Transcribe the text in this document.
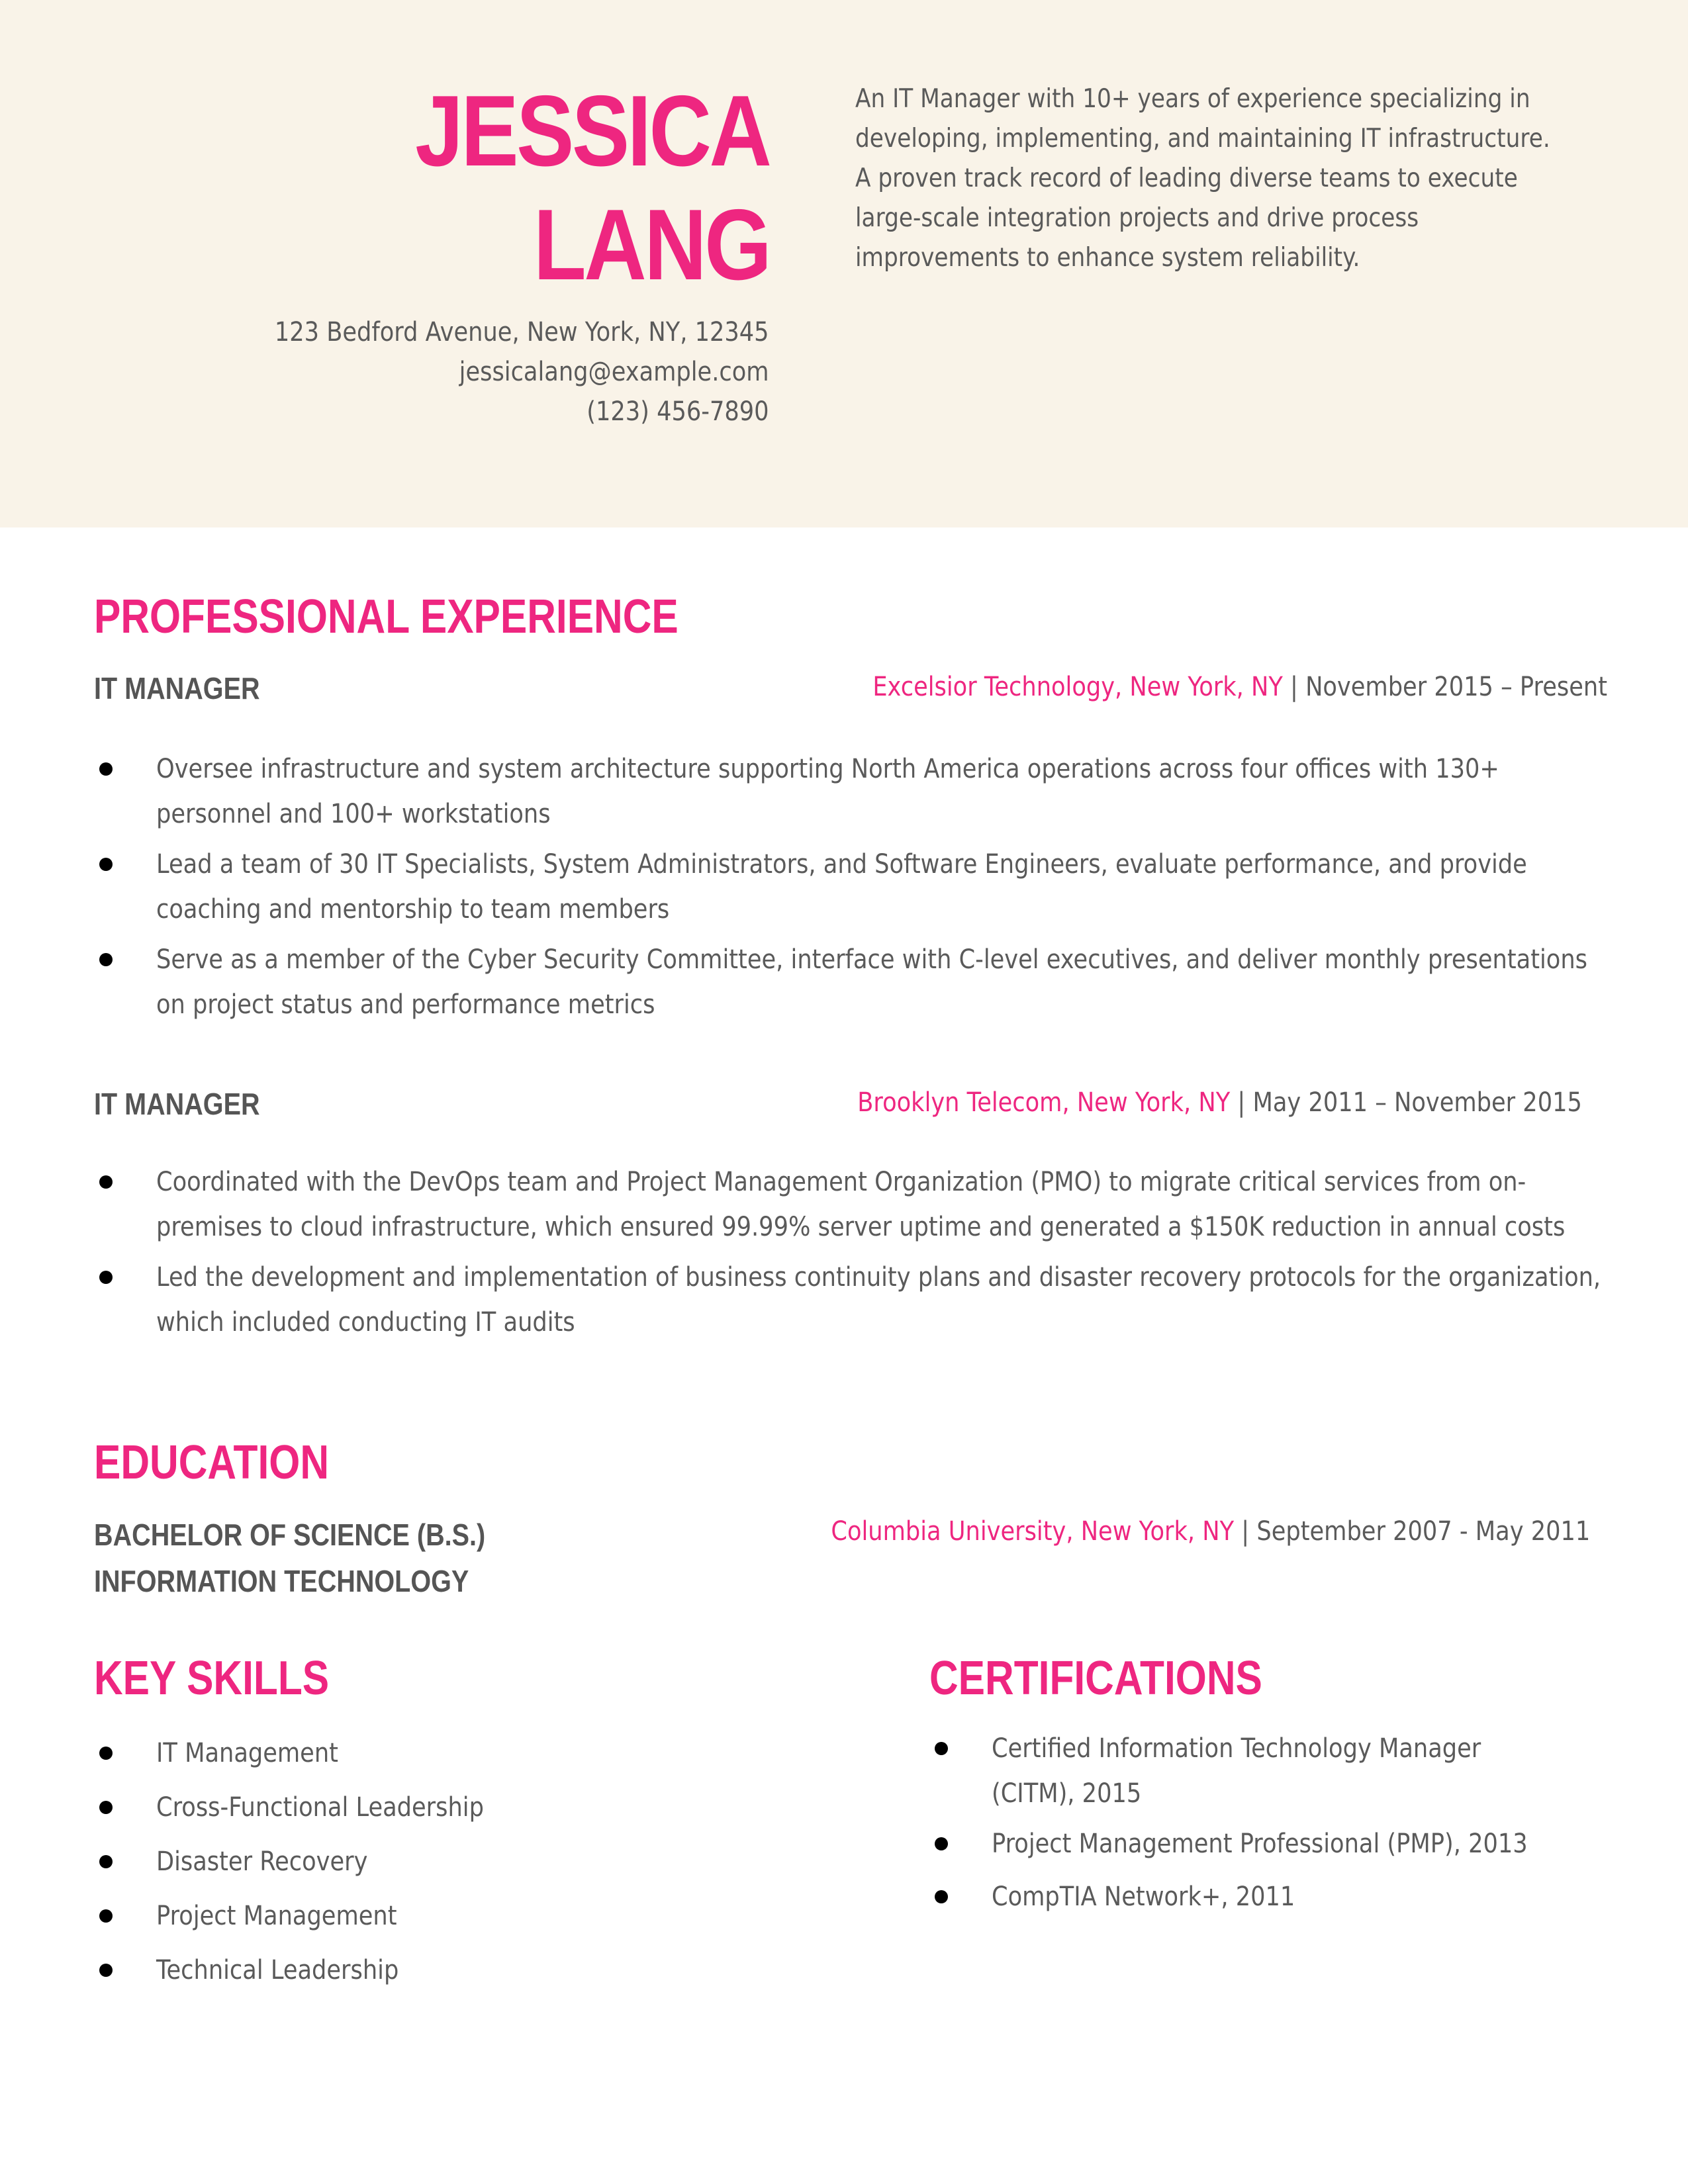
JESSICA
LANG
123 Bedford Avenue, New York, NY, 12345
jessicalang@example.com
(123) 456-7890
An IT Manager with 10+ years of experience specializing in developing, implementing, and maintaining IT infrastructure. A proven track record of leading diverse teams to execute large-scale integration projects and drive process improvements to enhance system reliability.
PROFESSIONAL EXPERIENCE
IT MANAGER	Excelsior Technology, New York, NY | November 2015 – Present
Oversee infrastructure and system architecture supporting North America operations across four offices with 130+ personnel and 100+ workstations
Lead a team of 30 IT Specialists, System Administrators, and Software Engineers, evaluate performance, and provide coaching and mentorship to team members
Serve as a member of the Cyber Security Committee, interface with C-level executives, and deliver monthly presentations on project status and performance metrics
IT MANAGER	Brooklyn Telecom, New York, NY | May 2011 – November 2015
Coordinated with the DevOps team and Project Management Organization (PMO) to migrate critical services from on-premises to cloud infrastructure, which ensured 99.99% server uptime and generated a $150K reduction in annual costs
Led the development and implementation of business continuity plans and disaster recovery protocols for the organization, which included conducting IT audits
EDUCATION
BACHELOR OF SCIENCE (B.S.)
INFORMATION TECHNOLOGY
Columbia University, New York, NY | September 2007 - May 2011
KEY SKILLS
IT Management
Cross-Functional Leadership
Disaster Recovery
Project Management
Technical Leadership
CERTIFICATIONS
Certified Information Technology Manager (CITM), 2015
Project Management Professional (PMP), 2013
CompTIA Network+, 2011
